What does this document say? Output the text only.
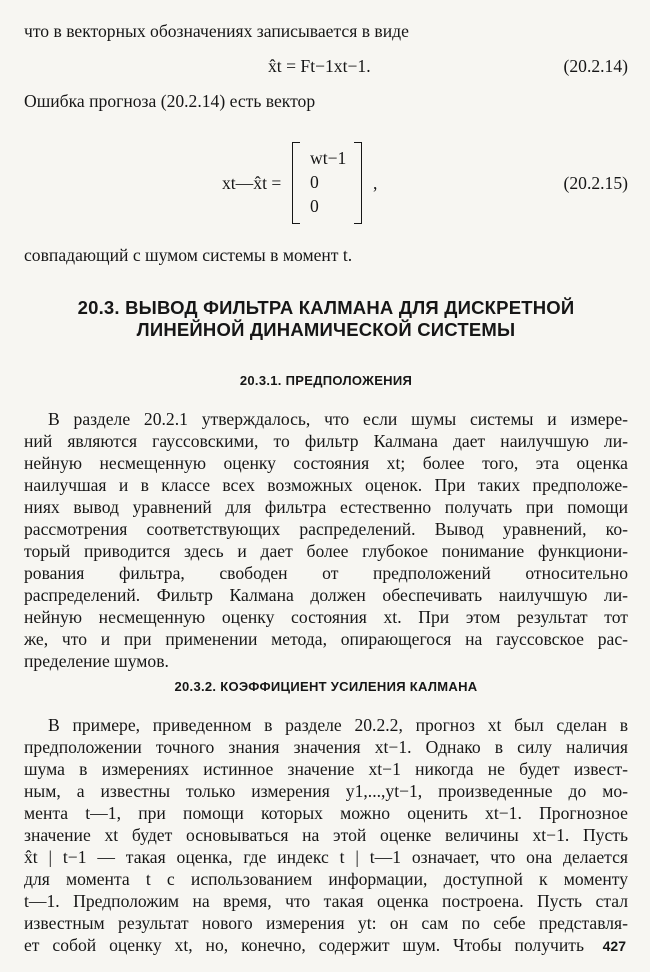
что в векторных обозначениях записывается в виде
x̂t = Ft−1xt−1.	(20.2.14)
Ошибка прогноза (20.2.14) есть вектор
xt—x̂t =
wt−1
0
0
,	(20.2.15)
совпадающий с шумом системы в момент t.
20.3. ВЫВОД ФИЛЬТРА КАЛМАНА ДЛЯ ДИСКРЕТНОЙ
ЛИНЕЙНОЙ ДИНАМИЧЕСКОЙ СИСТЕМЫ
20.3.1. ПРЕДПОЛОЖЕНИЯ
В разделе 20.2.1 утверждалось, что если шумы системы и измере-
ний являются гауссовскими, то фильтр Калмана дает наилучшую ли-
нейную несмещенную оценку состояния xt; более того, эта оценка
наилучшая и в классе всех возможных оценок. При таких предположе-
ниях вывод уравнений для фильтра естественно получать при помощи
рассмотрения соответствующих распределений. Вывод уравнений, ко-
торый приводится здесь и дает более глубокое понимание функциони-
рования фильтра, свободен от предположений относительно
распределений. Фильтр Калмана должен обеспечивать наилучшую ли-
нейную несмещенную оценку состояния xt. При этом результат тот
же, что и при применении метода, опирающегося на гауссовское рас-
пределение шумов.
20.3.2. КОЭФФИЦИЕНТ УСИЛЕНИЯ КАЛМАНА
В примере, приведенном в разделе 20.2.2, прогноз xt был сделан в
предположении точного знания значения xt−1. Однако в силу наличия
шума в измерениях истинное значение xt−1 никогда не будет извест-
ным, а известны только измерения y1,...,yt−1, произведенные до мо-
мента t—1, при помощи которых можно оценить xt−1. Прогнозное
значение xt будет основываться на этой оценке величины xt−1. Пусть
x̂t | t−1 — такая оценка, где индекс t | t—1 означает, что она делается
для момента t с использованием информации, доступной к моменту
t—1. Предположим на время, что такая оценка построена. Пусть стал
известным результат нового измерения yt: он сам по себе представля-
ет собой оценку xt, но, конечно, содержит шум. Чтобы получить 427
